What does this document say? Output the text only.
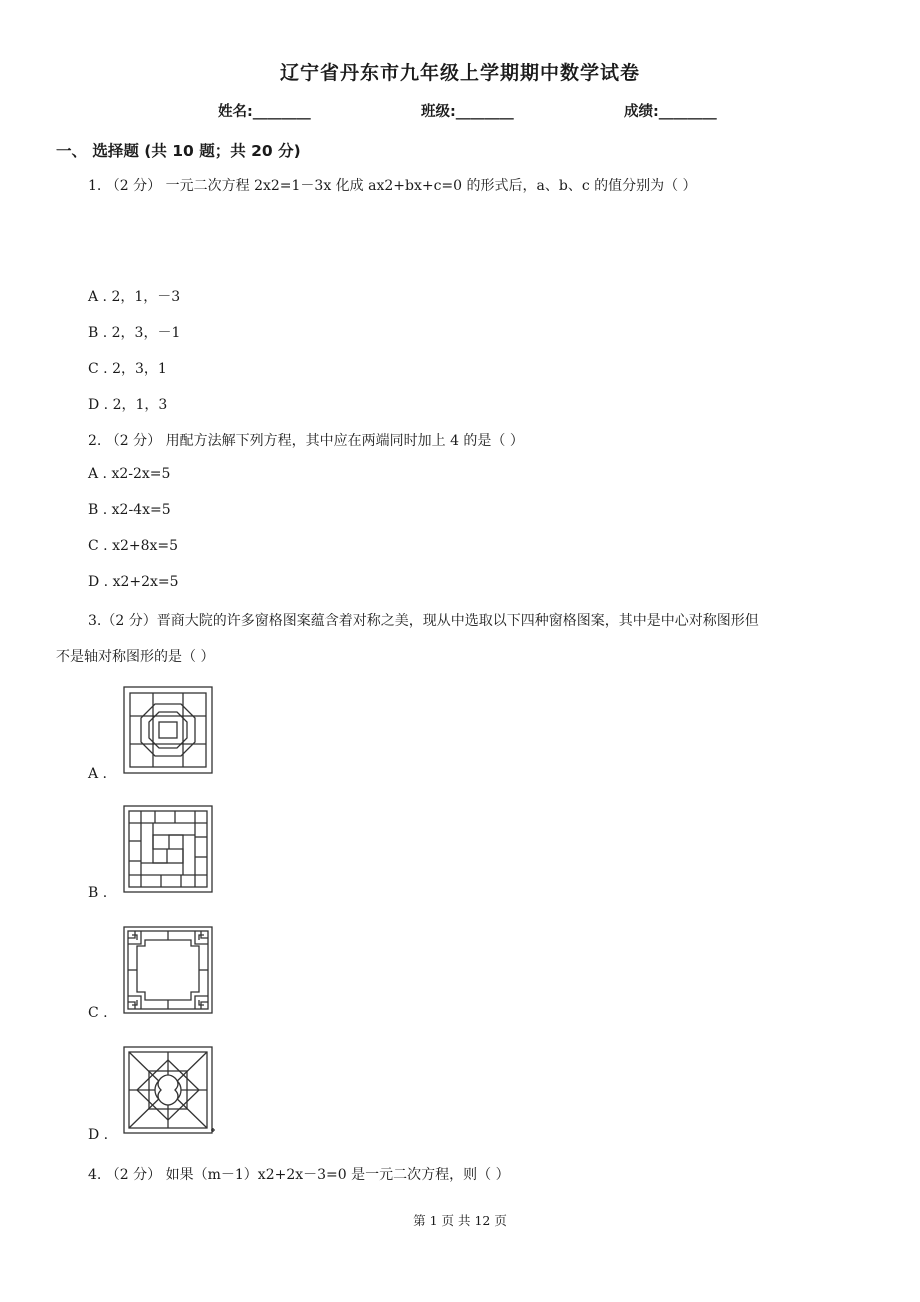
辽宁省丹东市九年级上学期期中数学试卷
姓名:________	班级:________	成绩:________
一、 选择题 (共 10 题；共 20 分)
1. （2 分） 一元二次方程 2x2=1－3x 化成 ax2+bx+c=0 的形式后，a、b、c 的值分别为（ ）
A . 2，1，－3
B . 2，3，－1
C . 2，3，1
D . 2，1，3
2. （2 分） 用配方法解下列方程，其中应在两端同时加上 4 的是（ ）
A . x2-2x=5
B . x2-4x=5
C . x2+8x=5
D . x2+2x=5
3.（2 分）晋商大院的许多窗格图案蕴含着对称之美，现从中选取以下四种窗格图案，其中是中心对称图形但
不是轴对称图形的是（ ）
A .
B .
C .
D .
4. （2 分） 如果（m－1）x2+2x－3=0 是一元二次方程，则（ ）
第 1 页 共 12 页
